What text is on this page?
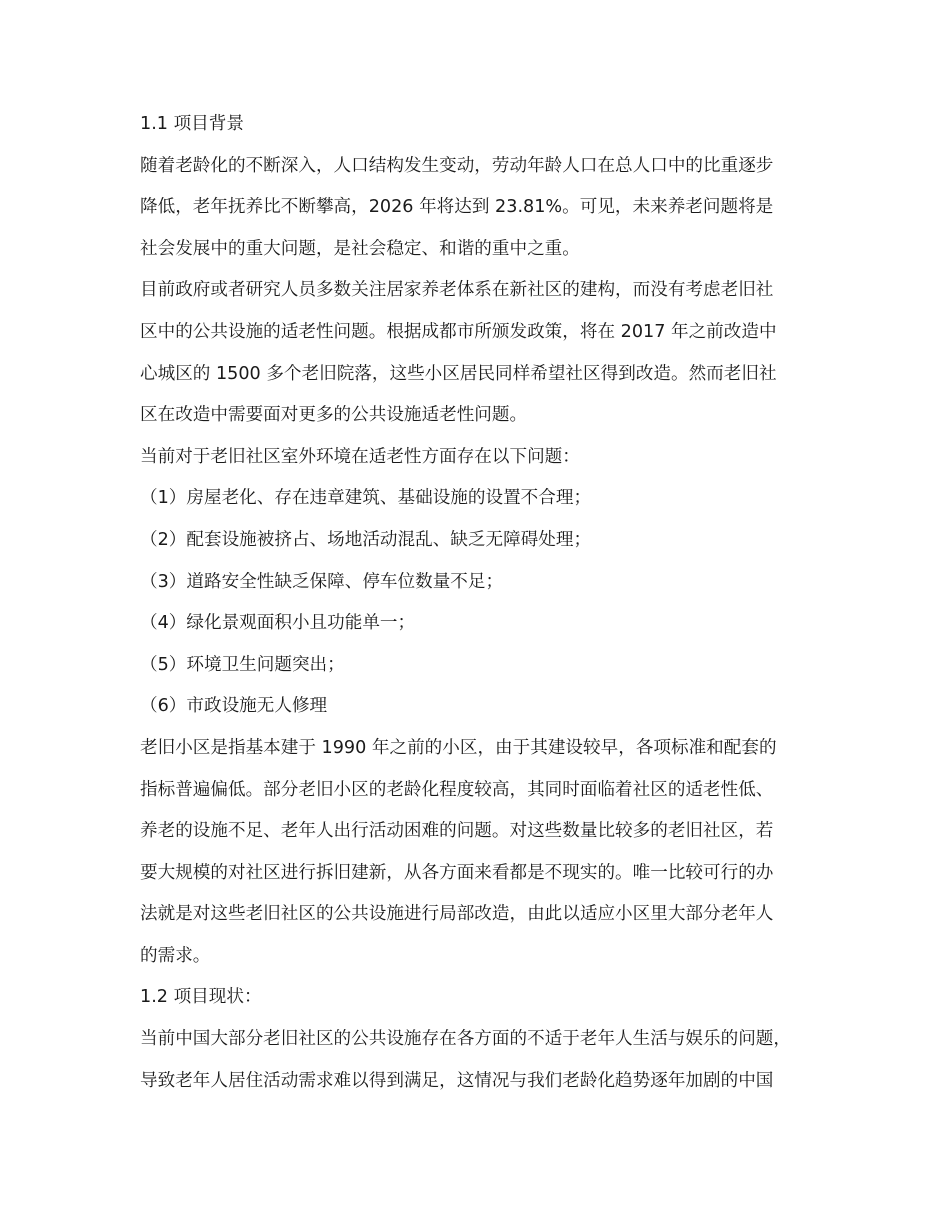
1.1 项目背景
随着老龄化的不断深入，人口结构发生变动，劳动年龄人口在总人口中的比重逐步
降低，老年抚养比不断攀高，2026 年将达到 23.81%。可见，未来养老问题将是
社会发展中的重大问题，是社会稳定、和谐的重中之重。
目前政府或者研究人员多数关注居家养老体系在新社区的建构，而没有考虑老旧社
区中的公共设施的适老性问题。根据成都市所颁发政策，将在 2017 年之前改造中
心城区的 1500 多个老旧院落，这些小区居民同样希望社区得到改造。然而老旧社
区在改造中需要面对更多的公共设施适老性问题。
当前对于老旧社区室外环境在适老性方面存在以下问题：
（1）房屋老化、存在违章建筑、基础设施的设置不合理；
（2）配套设施被挤占、场地活动混乱、缺乏无障碍处理；
（3）道路安全性缺乏保障、停车位数量不足；
（4）绿化景观面积小且功能单一；
（5）环境卫生问题突出；
（6）市政设施无人修理
老旧小区是指基本建于 1990 年之前的小区，由于其建设较早，各项标准和配套的
指标普遍偏低。部分老旧小区的老龄化程度较高，其同时面临着社区的适老性低、
养老的设施不足、老年人出行活动困难的问题。对这些数量比较多的老旧社区，若
要大规模的对社区进行拆旧建新，从各方面来看都是不现实的。唯一比较可行的办
法就是对这些老旧社区的公共设施进行局部改造，由此以适应小区里大部分老年人
的需求。
1.2 项目现状：
当前中国大部分老旧社区的公共设施存在各方面的不适于老年人生活与娱乐的问题，
导致老年人居住活动需求难以得到满足，这情况与我们老龄化趋势逐年加剧的中国
